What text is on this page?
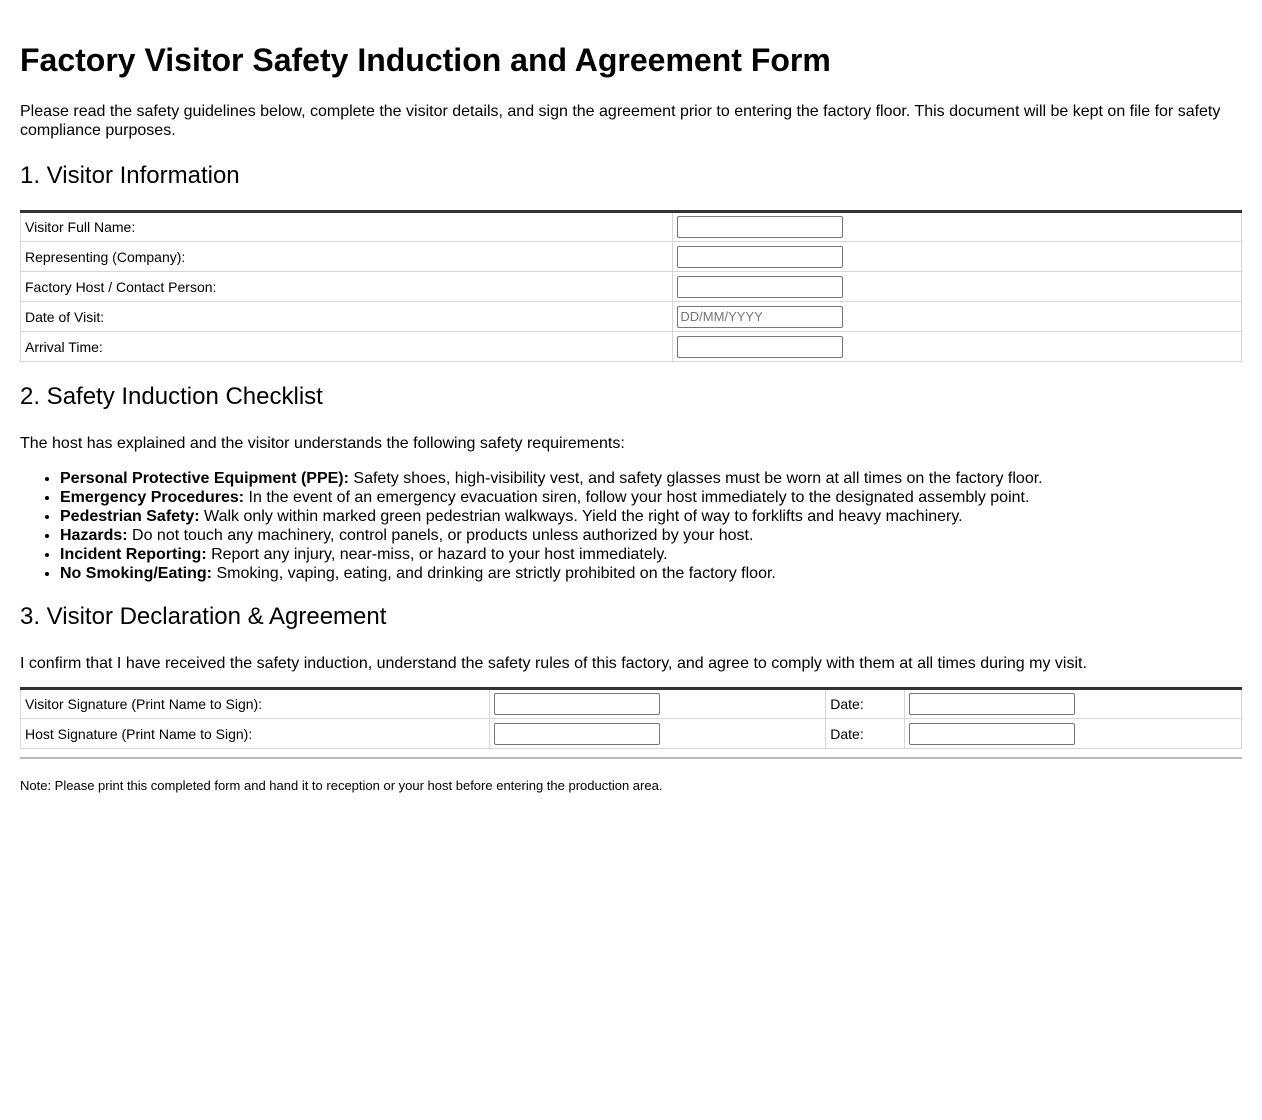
Factory Visitor Safety Induction and Agreement Form

Please read the safety guidelines below, complete the visitor details, and sign the agreement prior to entering the factory floor. This document will be kept on file for safety compliance purposes.

1. Visitor Information
Visitor Full Name:	

Representing (Company):	

Factory Host / Contact Person:	

Date of Visit:	
DD/MM/YYYY
Arrival Time:	
2. Safety Induction Checklist

The host has explained and the visitor understands the following safety requirements:

• Personal Protective Equipment (PPE): Safety shoes, high-visibility vest, and safety glasses must be worn at all times on the factory floor.
• Emergency Procedures: In the event of an emergency evacuation siren, follow your host immediately to the designated assembly point.
• Pedestrian Safety: Walk only within marked green pedestrian walkways. Yield the right of way to forklifts and heavy machinery.
• Hazards: Do not touch any machinery, control panels, or products unless authorized by your host.
• Incident Reporting: Report any injury, near-miss, or hazard to your host immediately.
• No Smoking/Eating: Smoking, vaping, eating, and drinking are strictly prohibited on the factory floor.
3. Visitor Declaration & Agreement

I confirm that I have received the safety induction, understand the safety rules of this factory, and agree to comply with them at all times during my visit.

Visitor Signature (Print Name to Sign):		Date:	

Host Signature (Print Name to Sign):		Date:	

Note: Please print this completed form and hand it to reception or your host before entering the production area.
